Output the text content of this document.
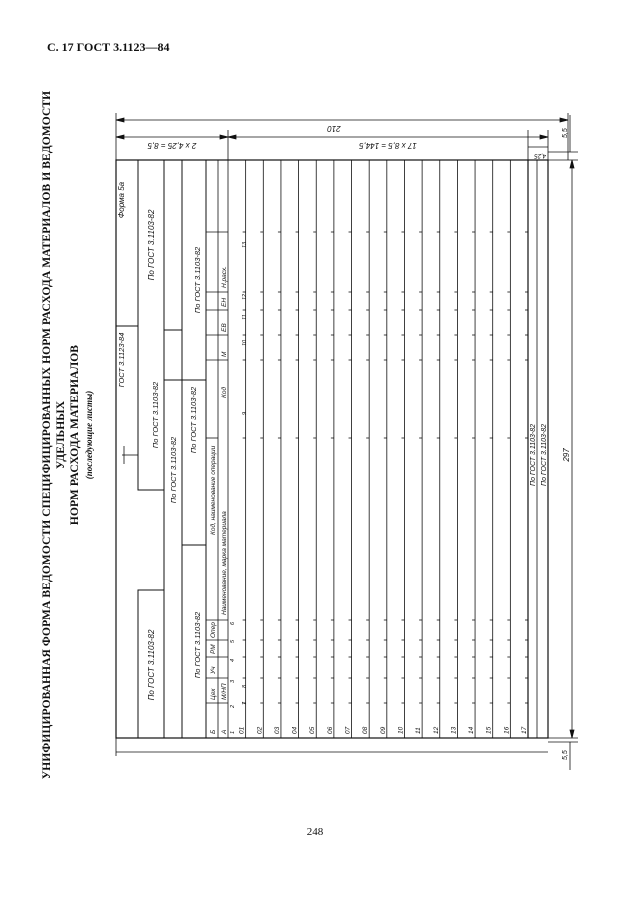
С. 17 ГОСТ 3.1123—84
УНИФИЦИРОВАННАЯ ФОРМА ВЕДОМОСТИ СПЕЦИФИЦИРОВАННЫХ НОРМ РАСХОДА МАТЕРИАЛОВ И ВЕДОМОСТИ УДЕЛЬНЫХ НОРМ РАСХОДА МАТЕРИАЛОВ (последующие листы)
01 02 03 04 05 06 07 08 09 10 11 12 13 14 15 16 17
Форма 5а
ГОСТ 3.1123-84
По ГОСТ 3.1103-82
По ГОСТ 3.1103-82
По ГОСТ 3.1103-82
По ГОСТ 3.1103-82
По ГОСТ 3.1103-82
По ГОСТ 3.1103-82
По ГОСТ 3.1103-82
Б А
Цех
Уч
РМ
Опер
М/НП
Наименование, марка материала
Код, наименование операции
Код
М
ЕВ
ЕН
Н.расх.
1
2
3
4
5
6
7
8
9
10
11
12
13
210
2 х 4,25 = 8,5	17 х 8,5 = 144,5
4,25
5,5
5,5
297
По ГОСТ 3.1103-82 По ГОСТ 3.1103-82
248
